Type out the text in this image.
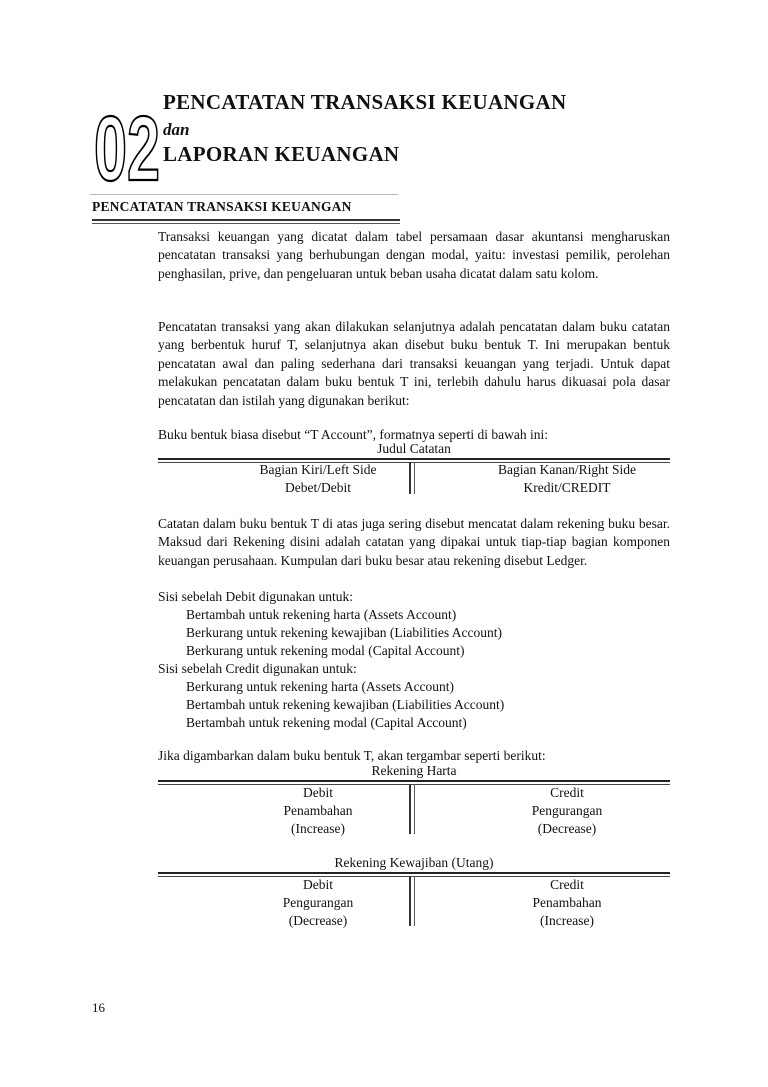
02 PENCATATAN TRANSAKSI KEUANGAN
dan
LAPORAN KEUANGAN
PENCATATAN TRANSAKSI KEUANGAN
Transaksi keuangan yang dicatat dalam tabel persamaan dasar akuntansi mengharuskan pencatatan transaksi yang berhubungan dengan modal, yaitu: investasi pemilik, perolehan penghasilan, prive, dan pengeluaran untuk beban usaha dicatat dalam satu kolom.
Pencatatan transaksi yang akan dilakukan selanjutnya adalah pencatatan dalam buku catatan yang berbentuk huruf T, selanjutnya akan disebut buku bentuk T. Ini merupakan bentuk pencatatan awal dan paling sederhana dari transaksi keuangan yang terjadi. Untuk dapat melakukan pencatatan dalam buku bentuk T ini, terlebih dahulu harus dikuasai pola dasar pencatatan dan istilah yang digunakan berikut:
Buku bentuk biasa disebut “T Account”, formatnya seperti di bawah ini:
Judul Catatan
Bagian Kiri/Left Side
Debet/Debit
Bagian Kanan/Right Side
Kredit/CREDIT
Catatan dalam buku bentuk T di atas juga sering disebut mencatat dalam rekening buku besar. Maksud dari Rekening disini adalah catatan yang dipakai untuk tiap-tiap bagian komponen keuangan perusahaan. Kumpulan dari buku besar atau rekening disebut Ledger.
Sisi sebelah Debit digunakan untuk:
Bertambah untuk rekening harta (Assets Account)
Berkurang untuk rekening kewajiban (Liabilities Account)
Berkurang untuk rekening modal (Capital Account)
Sisi sebelah Credit digunakan untuk:
Berkurang untuk rekening harta (Assets Account)
Bertambah untuk rekening kewajiban (Liabilities Account)
Bertambah untuk rekening modal (Capital Account)
Jika digambarkan dalam buku bentuk T, akan tergambar seperti berikut:
Rekening Harta
Debit
Penambahan
(Increase)
Credit
Pengurangan
(Decrease)
Rekening Kewajiban (Utang)
Debit
Pengurangan
(Decrease)
Credit
Penambahan
(Increase)
16
